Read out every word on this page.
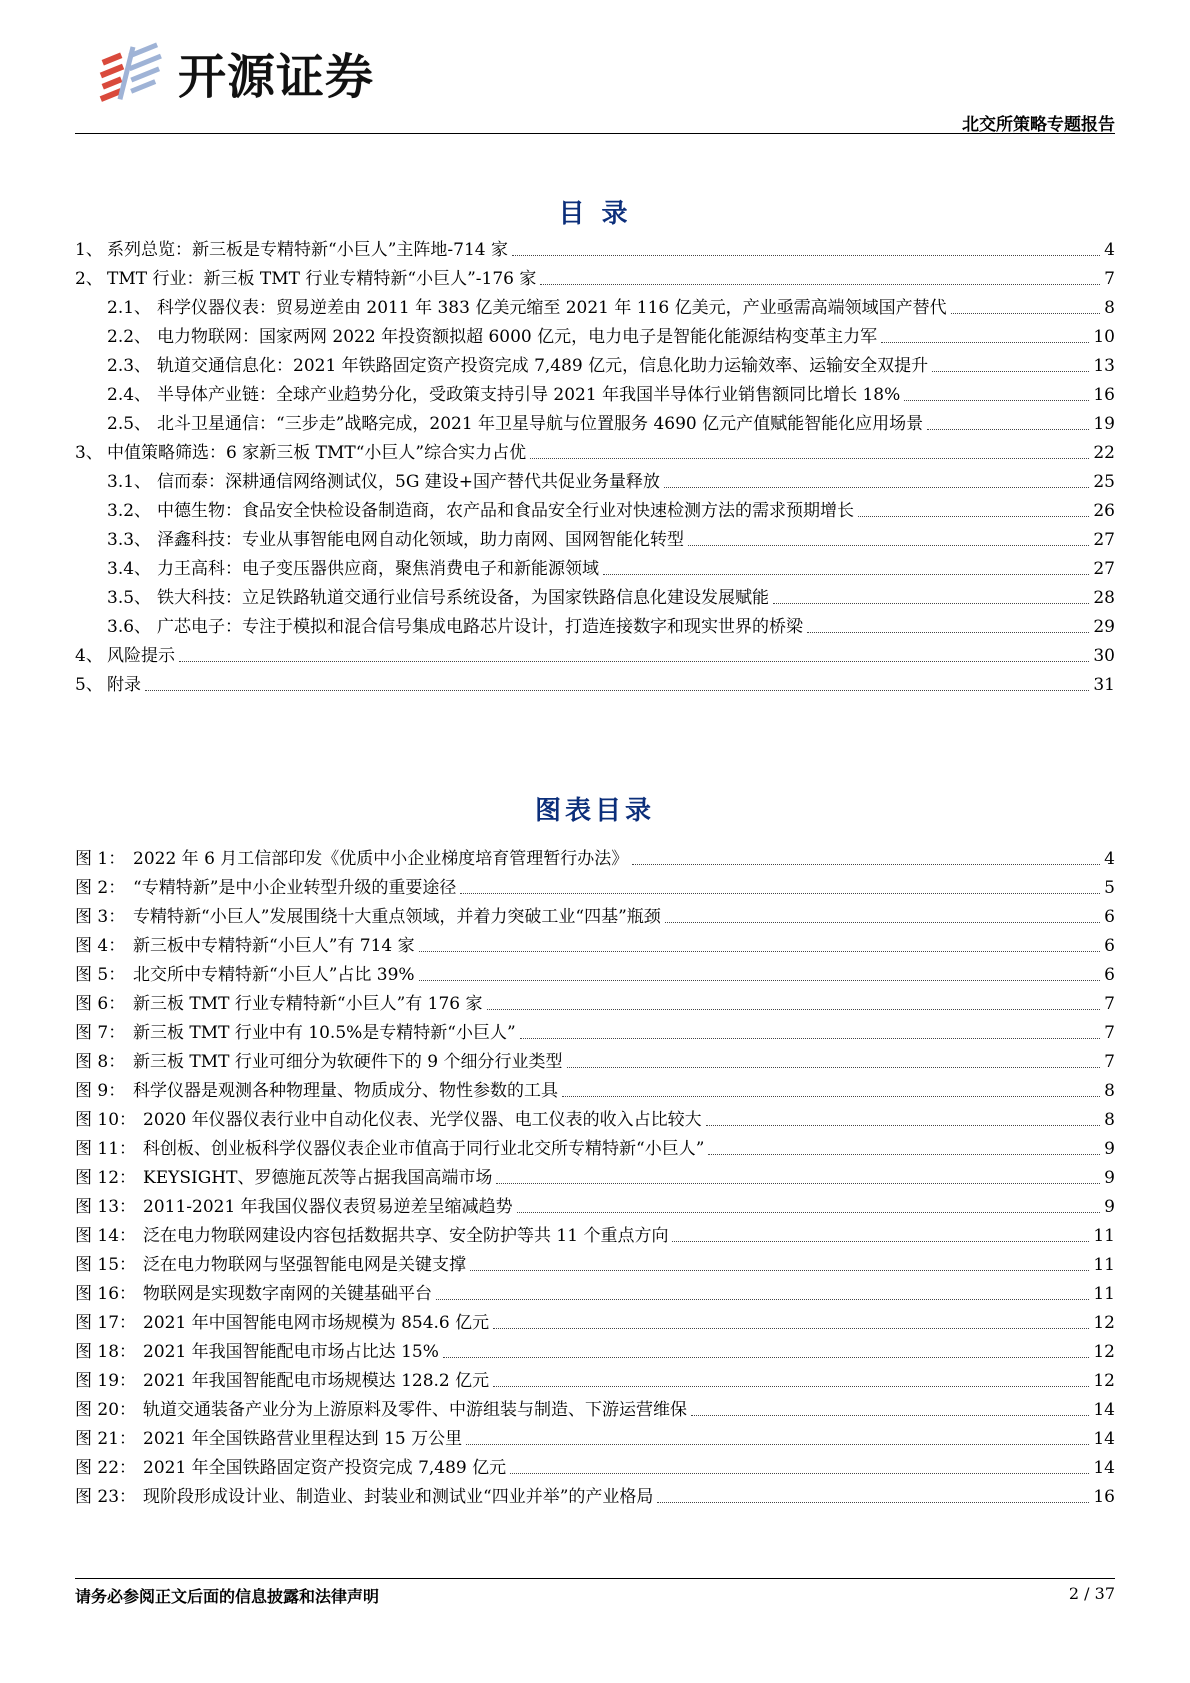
开源证券
北交所策略专题报告
目 录
1、 系列总览：新三板是专精特新“小巨人”主阵地-714 家	4
2、 TMT 行业：新三板 TMT 行业专精特新“小巨人”-176 家	7
2.1、 科学仪器仪表：贸易逆差由 2011 年 383 亿美元缩至 2021 年 116 亿美元，产业亟需高端领域国产替代	8
2.2、 电力物联网：国家两网 2022 年投资额拟超 6000 亿元，电力电子是智能化能源结构变革主力军	10
2.3、 轨道交通信息化：2021 年铁路固定资产投资完成 7,489 亿元，信息化助力运输效率、运输安全双提升	13
2.4、 半导体产业链：全球产业趋势分化，受政策支持引导 2021 年我国半导体行业销售额同比增长 18%	16
2.5、 北斗卫星通信：“三步走”战略完成，2021 年卫星导航与位置服务 4690 亿元产值赋能智能化应用场景	19
3、 中值策略筛选：6 家新三板 TMT“小巨人”综合实力占优	22
3.1、 信而泰：深耕通信网络测试仪，5G 建设+国产替代共促业务量释放	25
3.2、 中德生物：食品安全快检设备制造商，农产品和食品安全行业对快速检测方法的需求预期增长	26
3.3、 泽鑫科技：专业从事智能电网自动化领域，助力南网、国网智能化转型	27
3.4、 力王高科：电子变压器供应商，聚焦消费电子和新能源领域	27
3.5、 铁大科技：立足铁路轨道交通行业信号系统设备，为国家铁路信息化建设发展赋能	28
3.6、 广芯电子：专注于模拟和混合信号集成电路芯片设计，打造连接数字和现实世界的桥梁	29
4、 风险提示	30
5、 附录	31
图表目录
图 1： 2022 年 6 月工信部印发《优质中小企业梯度培育管理暂行办法》	4
图 2： “专精特新”是中小企业转型升级的重要途径	5
图 3： 专精特新“小巨人”发展围绕十大重点领域，并着力突破工业“四基”瓶颈	6
图 4： 新三板中专精特新“小巨人”有 714 家	6
图 5： 北交所中专精特新“小巨人”占比 39%	6
图 6： 新三板 TMT 行业专精特新“小巨人”有 176 家	7
图 7： 新三板 TMT 行业中有 10.5%是专精特新“小巨人”	7
图 8： 新三板 TMT 行业可细分为软硬件下的 9 个细分行业类型	7
图 9： 科学仪器是观测各种物理量、物质成分、物性参数的工具	8
图 10： 2020 年仪器仪表行业中自动化仪表、光学仪器、电工仪表的收入占比较大	8
图 11： 科创板、创业板科学仪器仪表企业市值高于同行业北交所专精特新“小巨人”	9
图 12： KEYSIGHT、罗德施瓦茨等占据我国高端市场	9
图 13： 2011-2021 年我国仪器仪表贸易逆差呈缩减趋势	9
图 14： 泛在电力物联网建设内容包括数据共享、安全防护等共 11 个重点方向	11
图 15： 泛在电力物联网与坚强智能电网是关键支撑	11
图 16： 物联网是实现数字南网的关键基础平台	11
图 17： 2021 年中国智能电网市场规模为 854.6 亿元	12
图 18： 2021 年我国智能配电市场占比达 15%	12
图 19： 2021 年我国智能配电市场规模达 128.2 亿元	12
图 20： 轨道交通装备产业分为上游原料及零件、中游组装与制造、下游运营维保	14
图 21： 2021 年全国铁路营业里程达到 15 万公里	14
图 22： 2021 年全国铁路固定资产投资完成 7,489 亿元	14
图 23： 现阶段形成设计业、制造业、封装业和测试业“四业并举”的产业格局	16
请务必参阅正文后面的信息披露和法律声明	2 / 37
